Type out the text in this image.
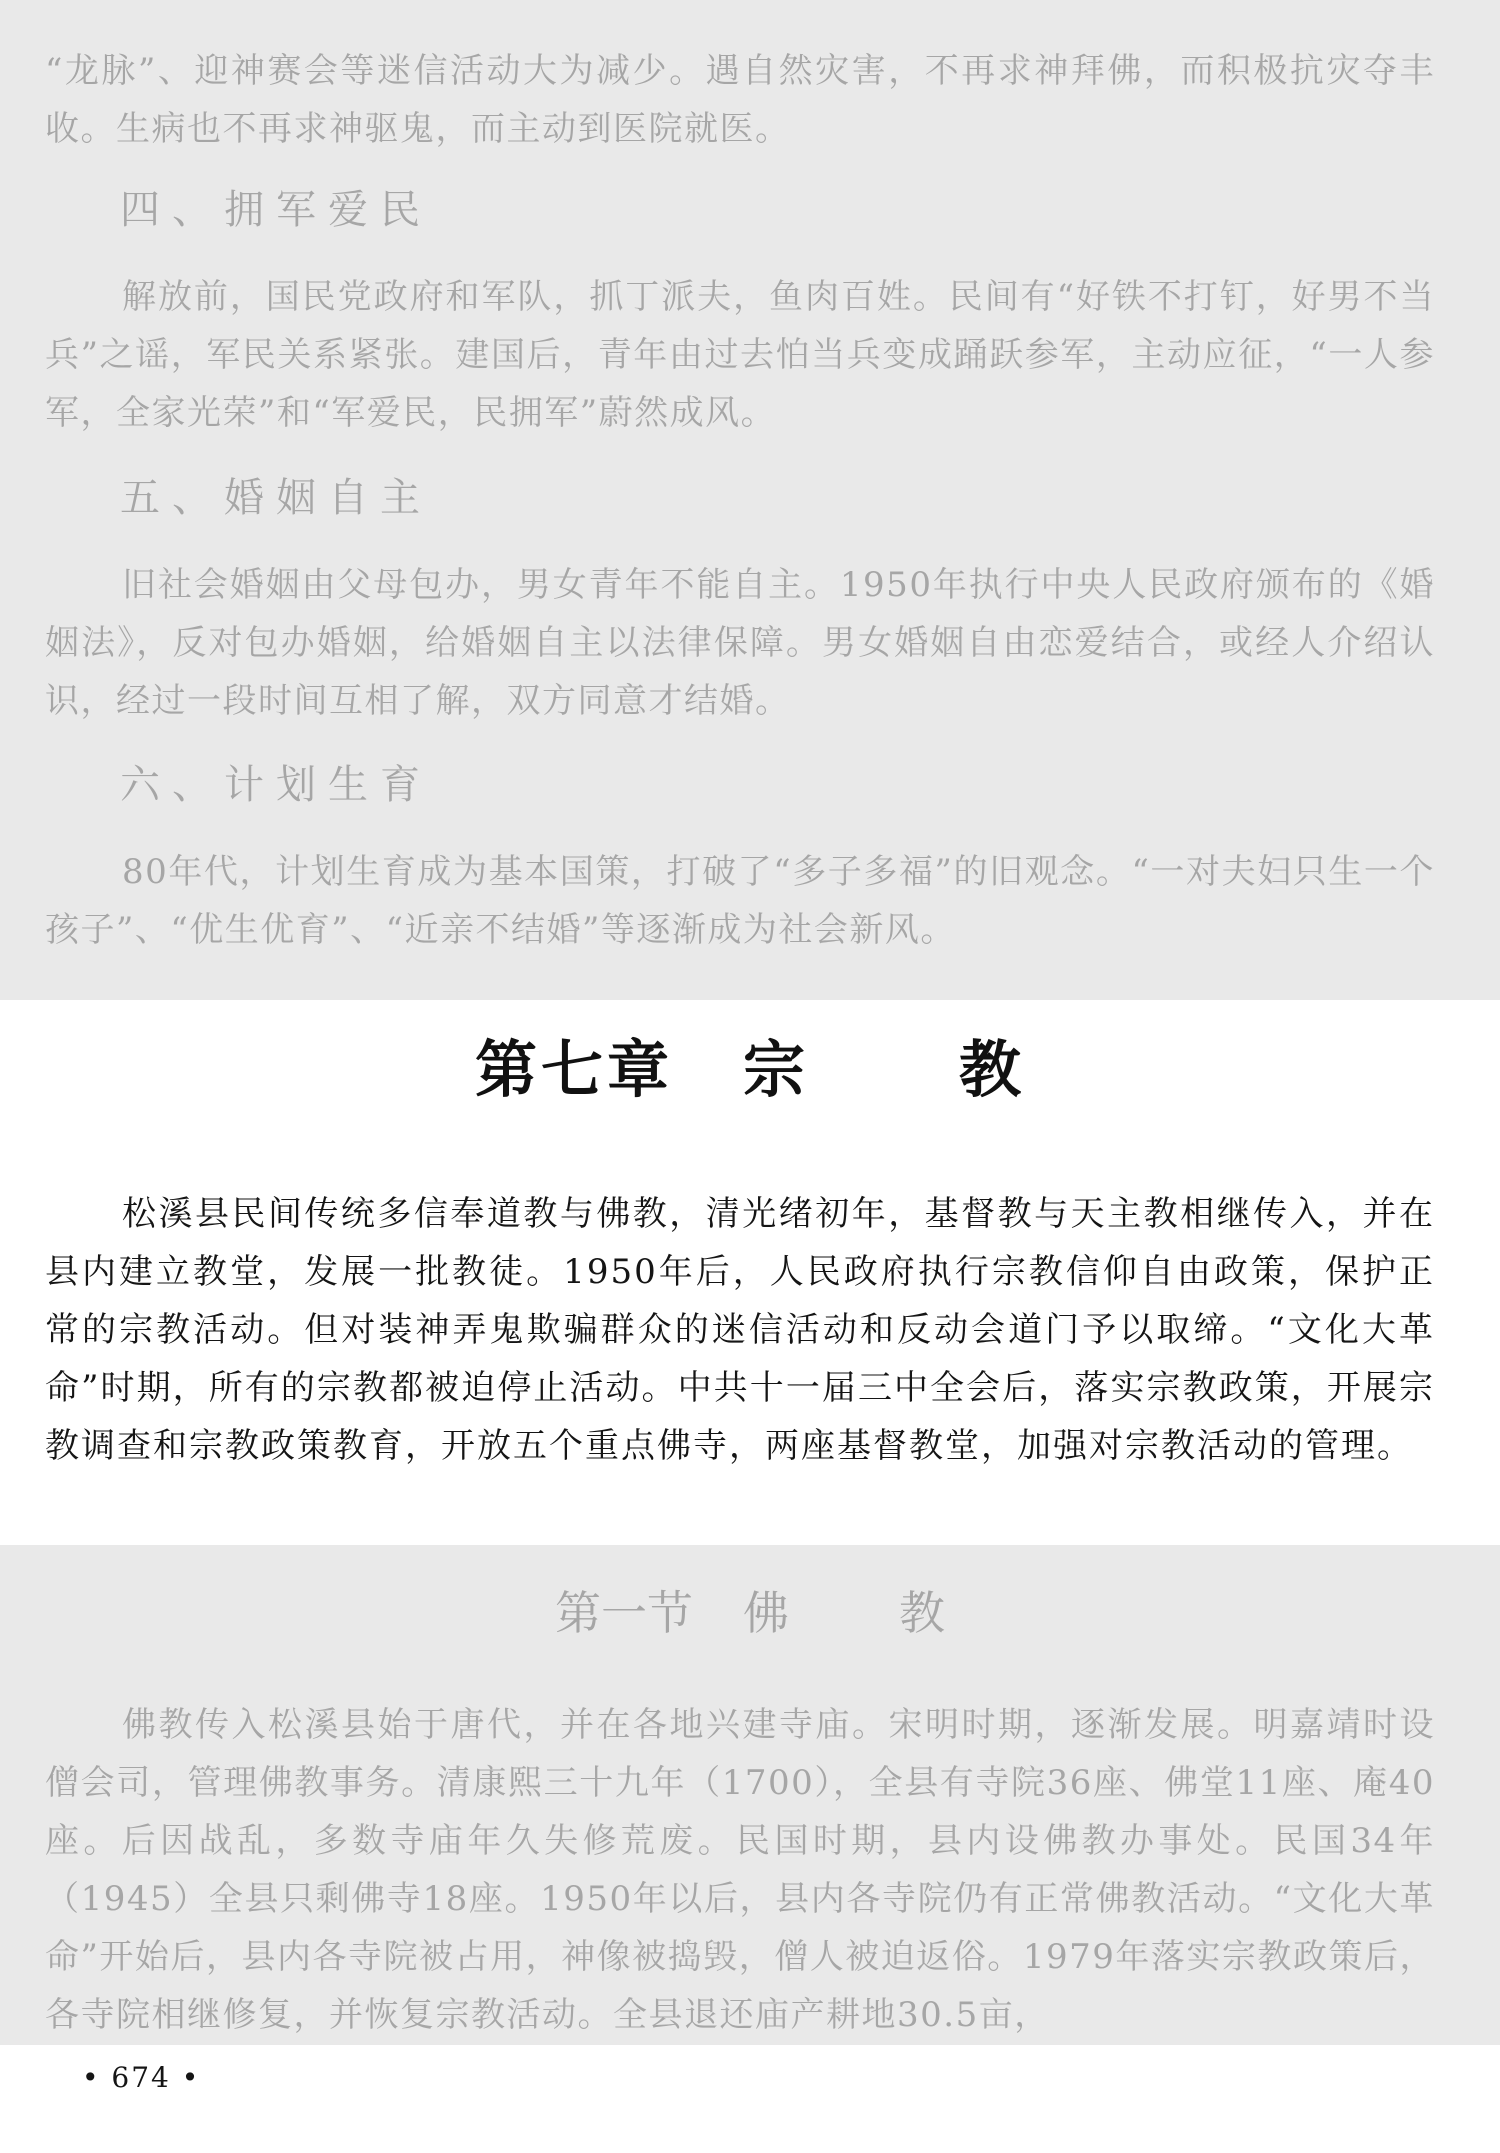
“龙脉”、迎神赛会等迷信活动大为减少。遇自然灾害，不再求神拜佛，而积极抗灾夺丰收。生病也不再求神驱鬼，而主动到医院就医。

四、拥军爱民

解放前，国民党政府和军队，抓丁派夫，鱼肉百姓。民间有“好铁不打钉，好男不当兵”之谣，军民关系紧张。建国后，青年由过去怕当兵变成踊跃参军，主动应征，“一人参军，全家光荣”和“军爱民，民拥军”蔚然成风。

五、婚姻自主

旧社会婚姻由父母包办，男女青年不能自主。1950年执行中央人民政府颁布的《婚姻法》，反对包办婚姻，给婚姻自主以法律保障。男女婚姻自由恋爱结合，或经人介绍认识，经过一段时间互相了解，双方同意才结婚。

六、计划生育

80年代，计划生育成为基本国策，打破了“多子多福”的旧观念。“一对夫妇只生一个孩子”、“优生优育”、“近亲不结婚”等逐渐成为社会新风。

第七章 宗 教

松溪县民间传统多信奉道教与佛教，清光绪初年，基督教与天主教相继传入，并在县内建立教堂，发展一批教徒。1950年后，人民政府执行宗教信仰自由政策，保护正常的宗教活动。但对装神弄鬼欺骗群众的迷信活动和反动会道门予以取缔。“文化大革命”时期，所有的宗教都被迫停止活动。中共十一届三中全会后，落实宗教政策，开展宗教调查和宗教政策教育，开放五个重点佛寺，两座基督教堂，加强对宗教活动的管理。

第一节 佛 教

佛教传入松溪县始于唐代，并在各地兴建寺庙。宋明时期，逐渐发展。明嘉靖时设僧会司，管理佛教事务。清康熙三十九年（1700），全县有寺院36座、佛堂11座、庵40座。后因战乱，多数寺庙年久失修荒废。民国时期，县内设佛教办事处。民国34年（1945）全县只剩佛寺18座。1950年以后，县内各寺院仍有正常佛教活动。“文化大革命”开始后，县内各寺院被占用，神像被捣毁，僧人被迫返俗。1979年落实宗教政策后，各寺院相继修复，并恢复宗教活动。全县退还庙产耕地30.5亩，

• 674 •
